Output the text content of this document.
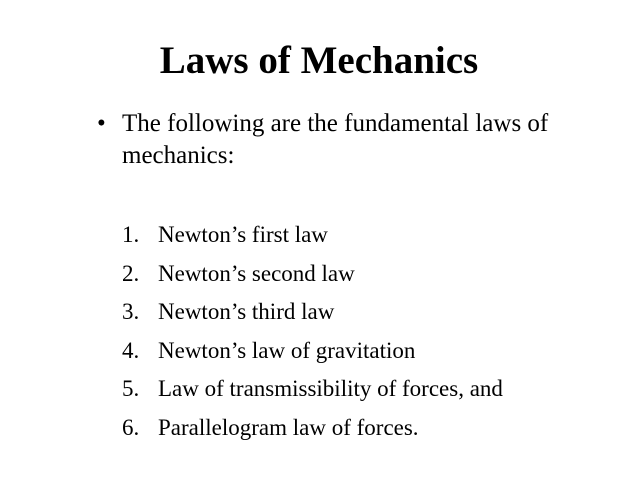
Laws of Mechanics
• The following are the fundamental laws of mechanics:
1. Newton’s first law
2. Newton’s second law
3. Newton’s third law
4. Newton’s law of gravitation
5. Law of transmissibility of forces, and
6. Parallelogram law of forces.
